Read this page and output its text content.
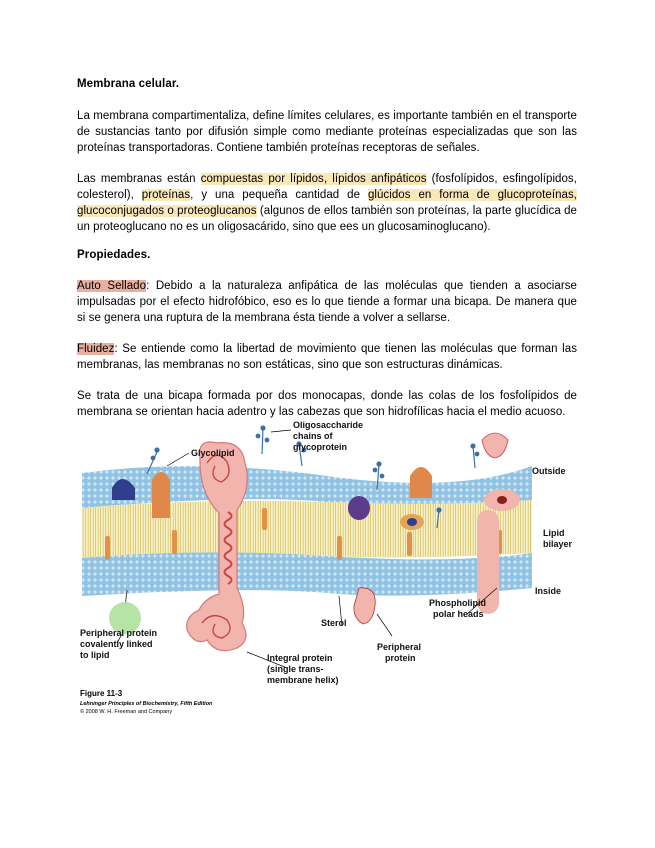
Membrana celular.
La membrana compartimentaliza, define límites celulares, es importante también en el transporte de sustancias tanto por difusión simple como mediante proteínas especializadas que son las proteínas transportadoras. Contiene también proteínas receptoras de señales.
Las membranas están compuestas por lípidos, lípidos anfipáticos (fosfolípidos, esfingolípidos, colesterol), proteínas, y una pequeña cantidad de glúcidos en forma de glucoproteínas, glucoconjugados o proteoglucanos (algunos de ellos también son proteínas, la parte glucídica de un proteoglucano no es un oligosacárido, sino que ees un glucosaminoglucano).
Propiedades.
Auto Sellado: Debido a la naturaleza anfipática de las moléculas que tienden a asociarse impulsadas por el efecto hidrofóbico, eso es lo que tiende a formar una bicapa. De manera que si se genera una ruptura de la membrana ésta tiende a volver a sellarse.
Fluidez: Se entiende como la libertad de movimiento que tienen las moléculas que forman las membranas, las membranas no son estáticas, sino que son estructuras dinámicas.
Se trata de una bicapa formada por dos monocapas, donde las colas de los fosfolípidos de membrana se orientan hacia adentro y las cabezas que son hidrofílicas hacia el medio acuoso.
Glycolipid
Oligosaccharide
chains of
glycoprotein
Outside
Lipid
bilayer
Inside
Phospholipid
polar heads
Sterol
Peripheral
protein
Integral protein
(single trans-
membrane helix)
Peripheral protein
covalently linked
to lipid
Figure 11-3
Lehninger Principles of Biochemistry, Fifth Edition
© 2008 W. H. Freeman and Company
